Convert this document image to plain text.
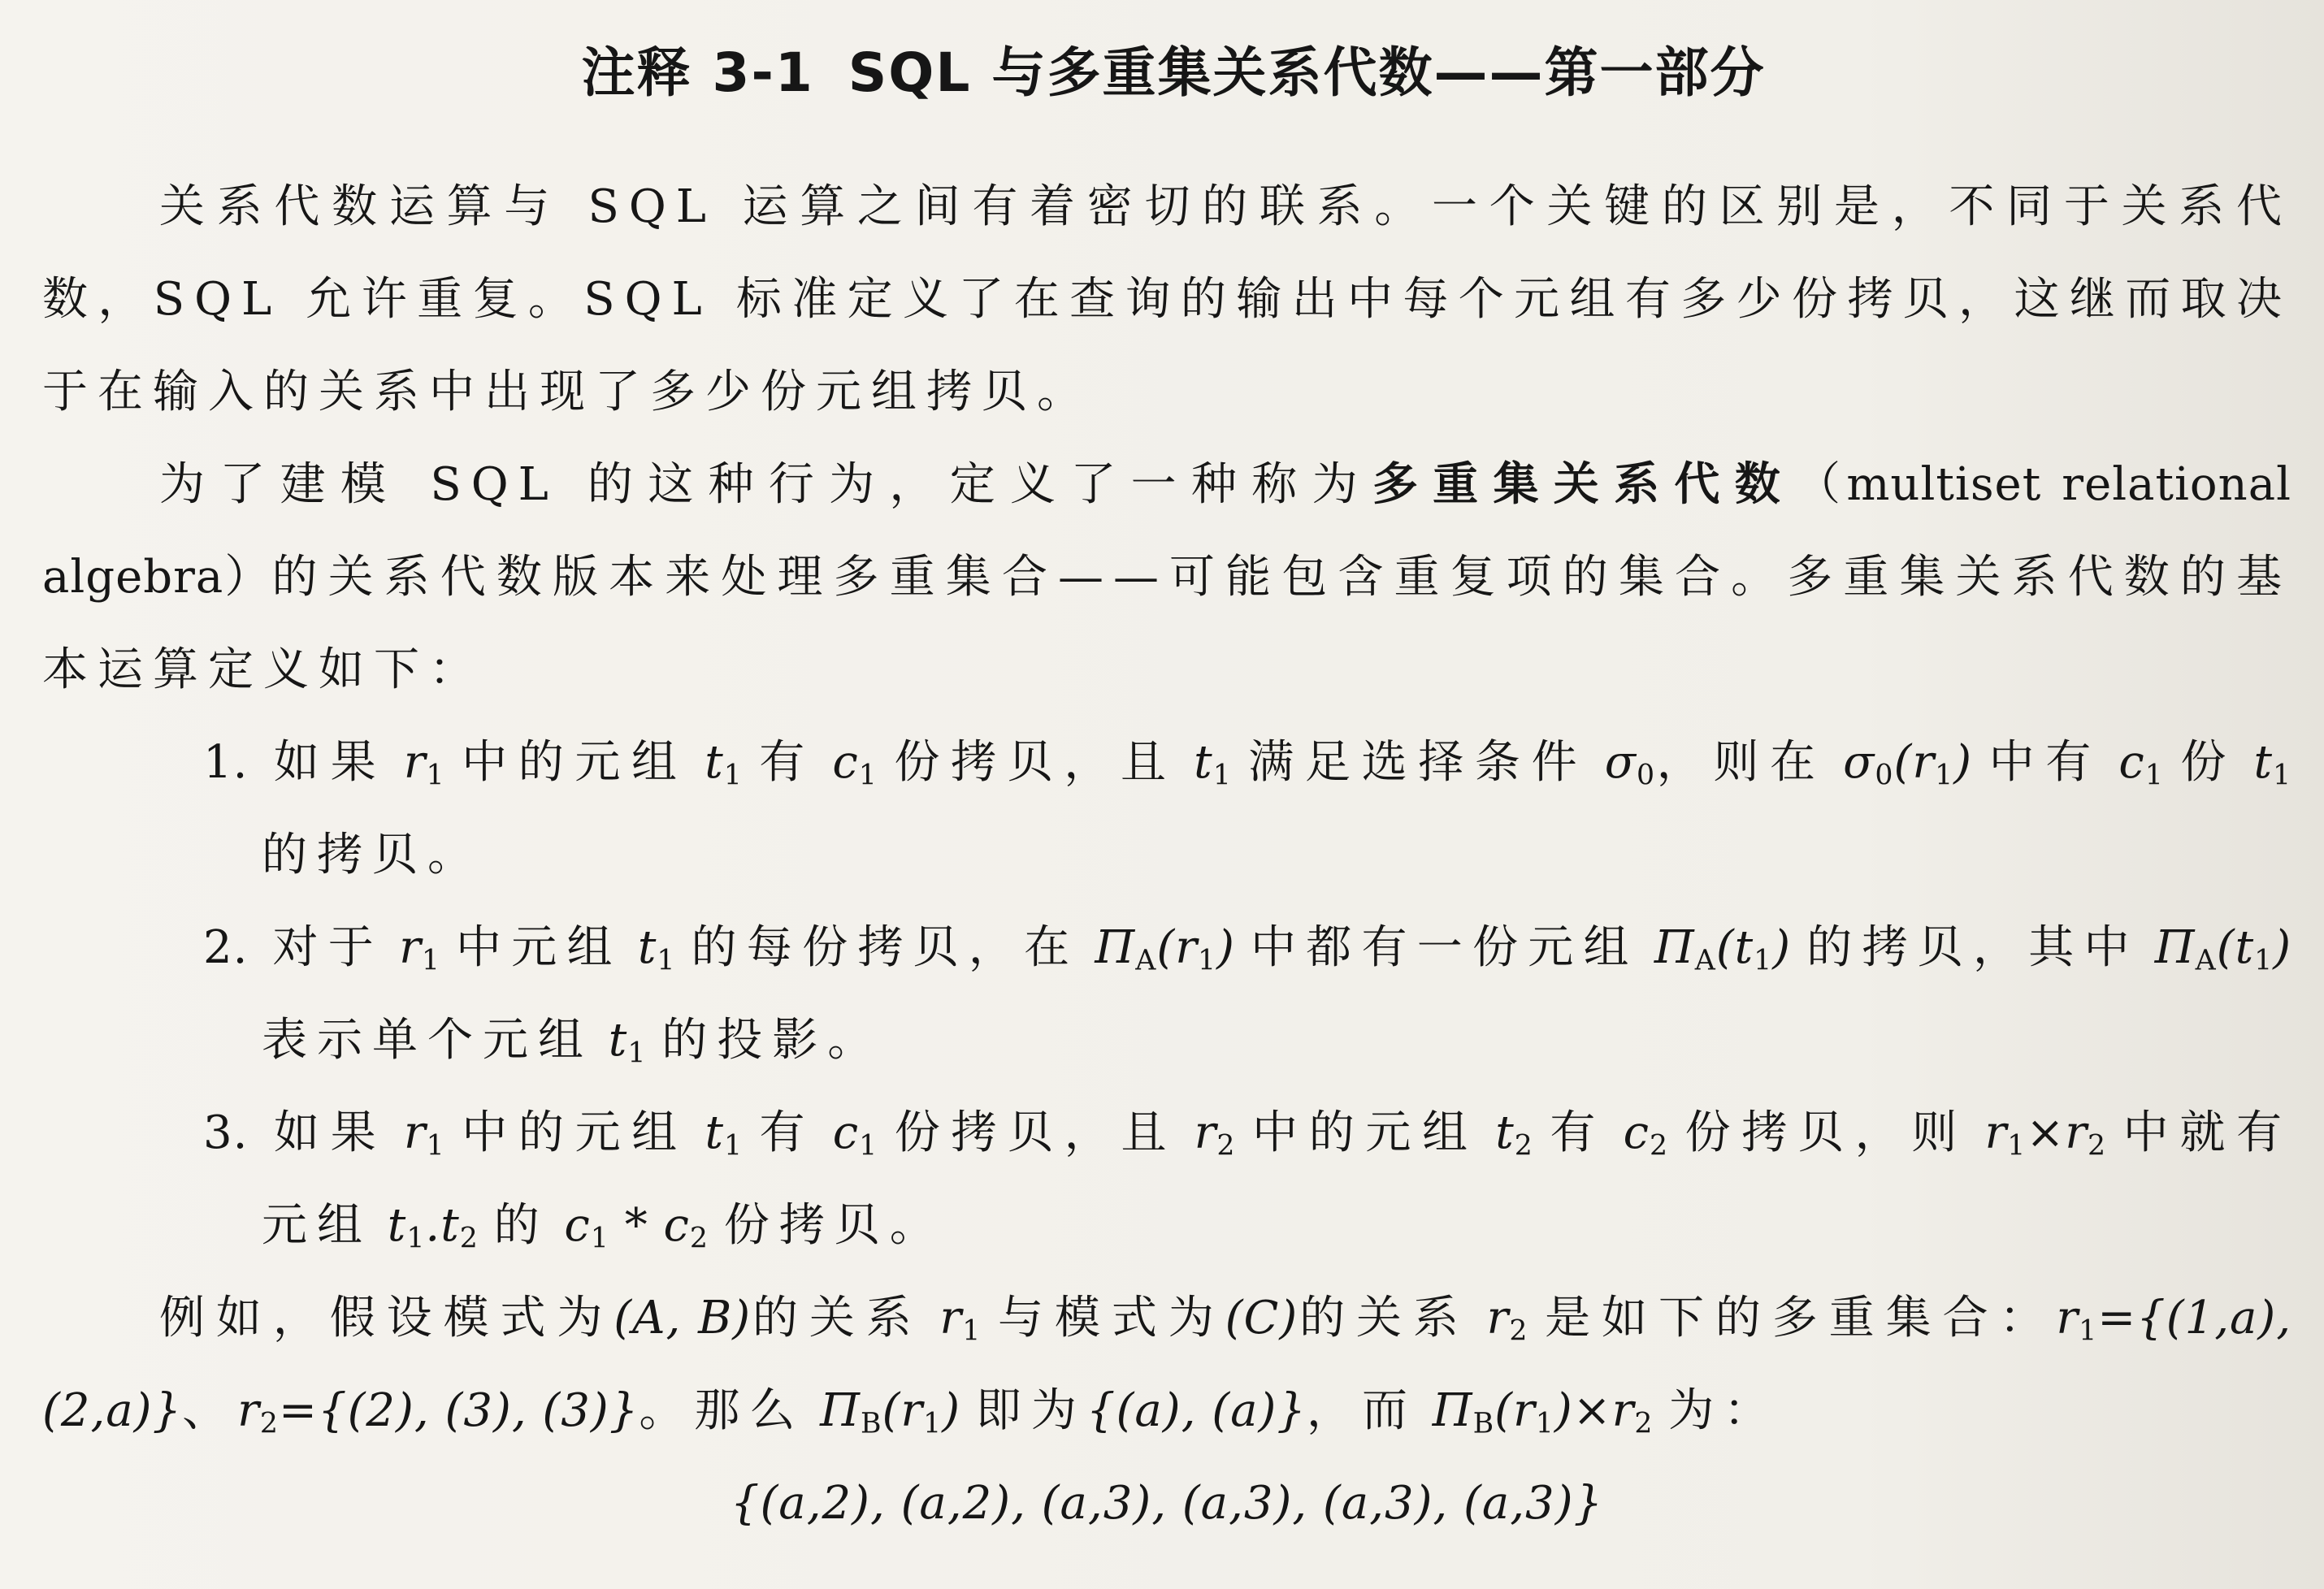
注释 3-1 SQL 与多重集关系代数——第一部分

关系代数运算与 SQL 运算之间有着密切的联系。一个关键的区别是，不同于关系代数，SQL 允许重复。SQL 标准定义了在查询的输出中每个元组有多少份拷贝，这继而取决于在输入的关系中出现了多少份元组拷贝。

为了建模 SQL 的这种行为，定义了一种称为多重集关系代数（multiset relational algebra）的关系代数版本来处理多重集合——可能包含重复项的集合。多重集关系代数的基本运算定义如下：

1. 如果 $r_1$ 中的元组 $t_1$ 有 $c_1$ 份拷贝，且 $t_1$ 满足选择条件 $\sigma_0$，则在 $\sigma_0(r_1)$ 中有 $c_1$ 份 $t_1$ 的拷贝。
2. 对于 $r_1$ 中元组 $t_1$ 的每份拷贝，在 $\Pi_A(r_1)$ 中都有一份元组 $\Pi_A(t_1)$ 的拷贝，其中 $\Pi_A(t_1)$ 表示单个元组 $t_1$ 的投影。
3. 如果 $r_1$ 中的元组 $t_1$ 有 $c_1$ 份拷贝，且 $r_2$ 中的元组 $t_2$ 有 $c_2$ 份拷贝，则 $r_1\times r_2$ 中就有元组 $t_1.t_2$ 的 $c_1 * c_2$ 份拷贝。

例如，假设模式为(A, B)的关系 $r_1$ 与模式为(C)的关系 $r_2$ 是如下的多重集合：$r_1=\{(1,a)$, (2,a)}、$r_2=\{(2)$, (3), (3)}。那么 $\Pi_B(r_1)$ 即为{(a), (a)}，而 $\Pi_B(r_1)\times r_2$ 为：

{(a,2), (a,2), (a,3), (a,3), (a,3), (a,3)}
